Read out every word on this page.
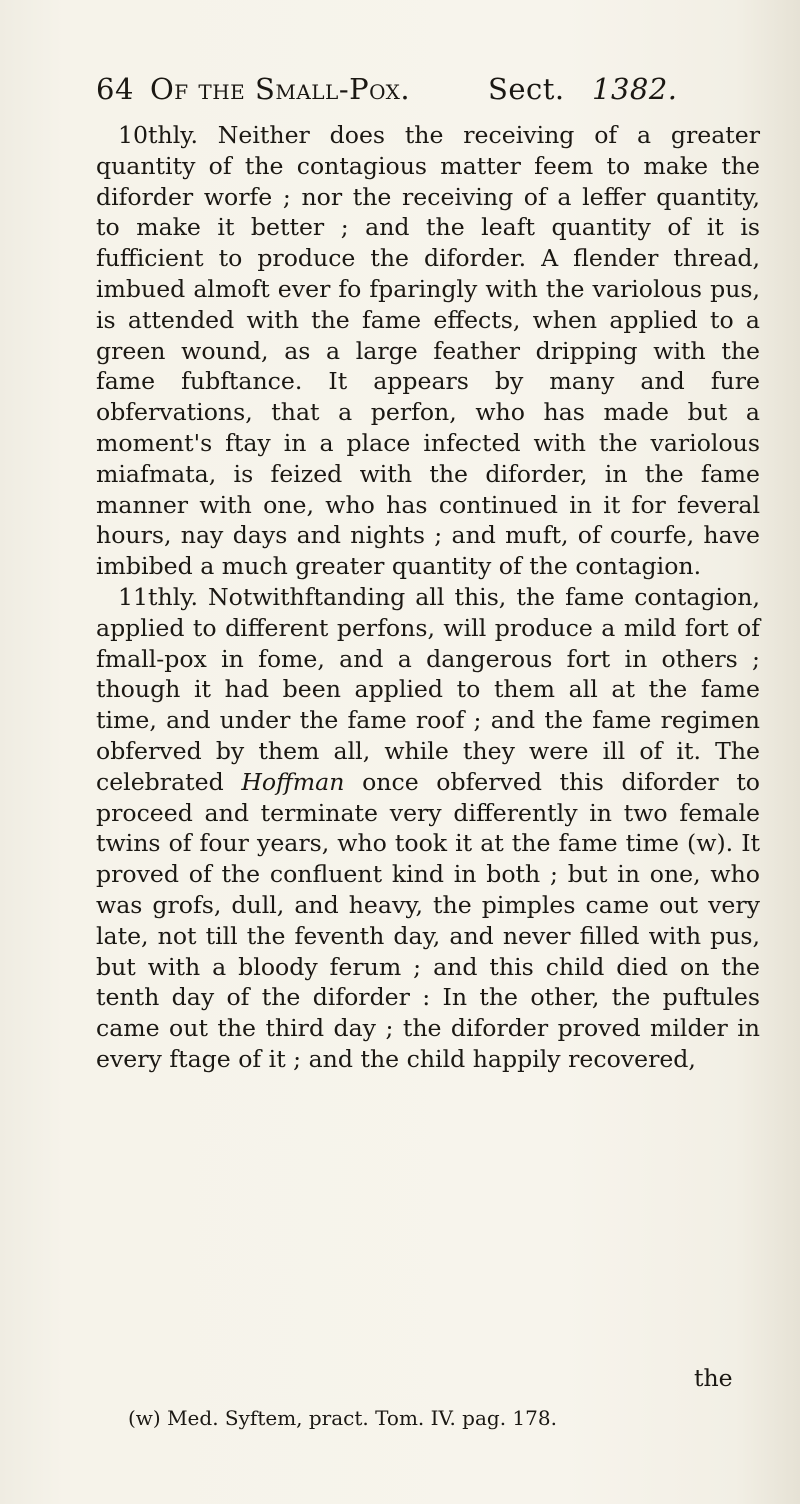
64 Of the Small-Pox.	Sect. 1382.

10thly. Neither does the receiving of a greater quantity of the contagious matter feem to make the diforder worfe ; nor the receiving of a leffer quantity, to make it better ; and the leaft quantity of it is fufficient to produce the diforder. A flender thread, imbued almoft ever fo fparingly with the variolous pus, is attended with the fame effects, when applied to a green wound, as a large feather dripping with the fame fubftance. It appears by many and fure obfervations, that a perfon, who has made but a moment's ftay in a place infected with the variolous miafmata, is feized with the diforder, in the fame manner with one, who has continued in it for feveral hours, nay days and nights ; and muft, of courfe, have imbibed a much greater quantity of the contagion.

11thly. Notwithftanding all this, the fame contagion, applied to different perfons, will produce a mild fort of fmall-pox in fome, and a dangerous fort in others ; though it had been applied to them all at the fame time, and under the fame roof ; and the fame regimen obferved by them all, while they were ill of it. The celebrated Hoffman once obferved this diforder to proceed and terminate very differently in two female twins of four years, who took it at the fame time (w). It proved of the confluent kind in both ; but in one, who was grofs, dull, and heavy, the pimples came out very late, not till the feventh day, and never filled with pus, but with a bloody ferum ; and this child died on the tenth day of the diforder : In the other, the puftules came out the third day ; the diforder proved milder in every ftage of it ; and the child happily recovered,

the
(w) Med. Syftem, pract. Tom. IV. pag. 178.
